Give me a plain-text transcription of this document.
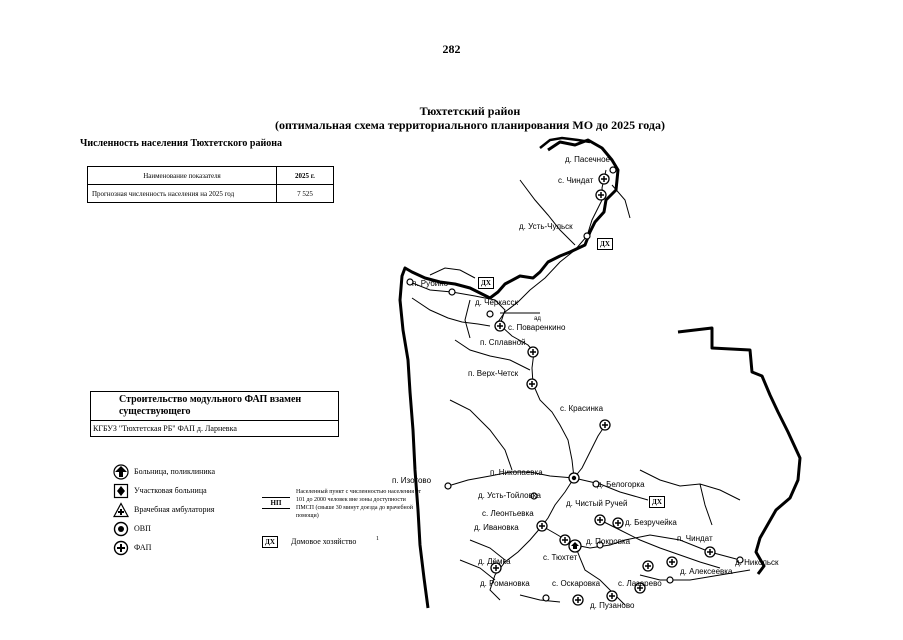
282
Тюхтетский район
(оптимальная схема территориального планирования МО до 2025 года)
Численность населения Тюхтетского района
Наименование показателя	2025 г.
Прогнозная численность населения на 2025 год	7 525
Строительство модульного ФАП взамен существующего
КГБУЗ "Тюхтетская РБ" ФАП д. Ларневка
Больница, поликлиника
Участковая больница
Врачебная амбулатория
ОВП
ФАП
НП
Населенный пункт с численностью населения от 101 до 2000 человек вне зоны доступности ПМСП (свыше 30 минут доезда до врачебной помощи)
1
ДХ	Домовое хозяйство
д. Пасечное
с. Чиндат
д. Усть-Чульск
п. Рубино
д. Черкасск
с. Поваренкино
п. Сплавной
п. Верх-Четск
с. Красинка
п. Изотово
п. Никопаевка
д. Белогорка
д. Усть-Тойловка
д. Чистый Ручей
с. Леонтьевка
д. Ивановка
д. Безручейка
д. Покровка
с. Тюхтет
п. Чиндат
д. Никольск
д. Дёмка
д. Алексеевка
д. Романовка	с. Оскаровка с. Лазарево
д. Пузаново
ад
ДХ
ДХ
ДХ
